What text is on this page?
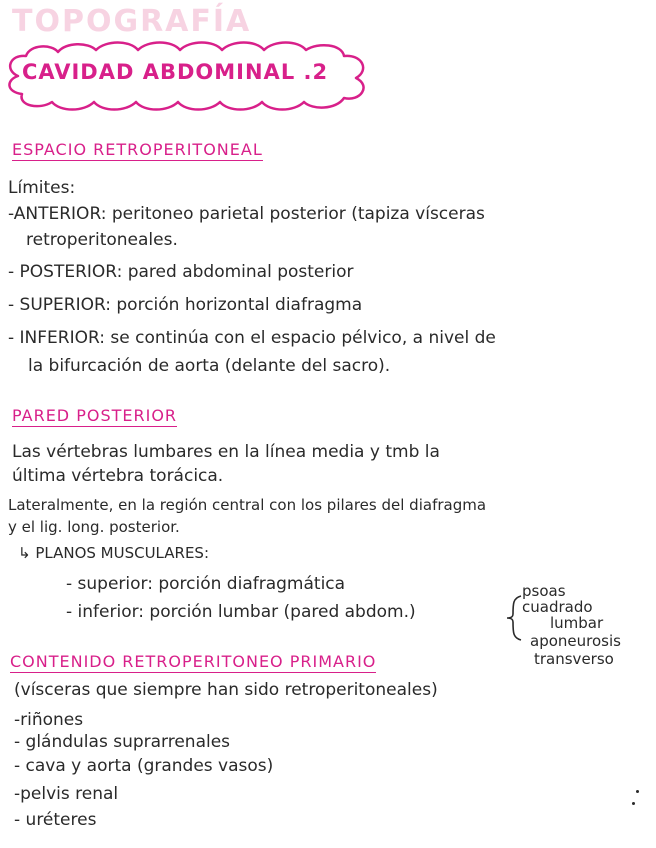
TOPOGRAFÍA
CAVIDAD ABDOMINAL .2
ESPACIO RETROPERITONEAL
Límites:
-ANTERIOR: peritoneo parietal posterior (tapiza vísceras
retroperitoneales.
- POSTERIOR: pared abdominal posterior
- SUPERIOR: porción horizontal diafragma
- INFERIOR: se continúa con el espacio pélvico, a nivel de
la bifurcación de aorta (delante del sacro).
PARED POSTERIOR
Las vértebras lumbares en la línea media y tmb la
última vértebra torácica.
Lateralmente, en la región central con los pilares del diafragma
y el lig. long. posterior.
↳ PLANOS MUSCULARES:
- superior: porción diafragmática
- inferior: porción lumbar (pared abdom.)
psoas
cuadrado
lumbar
aponeurosis
transverso
CONTENIDO RETROPERITONEO PRIMARIO
(vísceras que siempre han sido retroperitoneales)
-riñones
- glándulas suprarrenales
- cava y aorta (grandes vasos)
-pelvis renal
- uréteres
